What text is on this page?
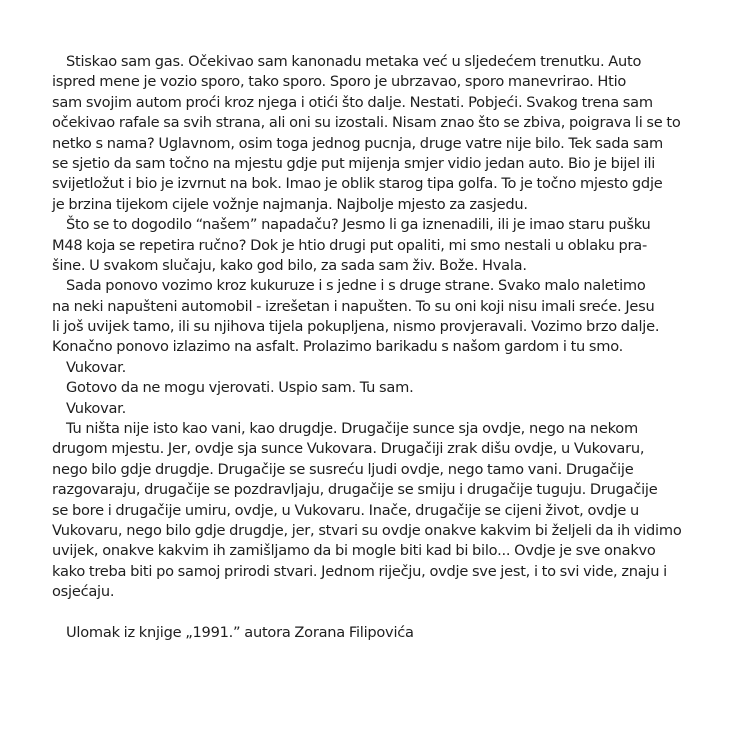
Stiskao sam gas. Očekivao sam kanonadu metaka već u sljedećem trenutku. Auto
ispred mene je vozio sporo, tako sporo. Sporo je ubrzavao, sporo manevrirao. Htio
sam svojim autom proći kroz njega i otići što dalje. Nestati. Pobjeći. Svakog trena sam
očekivao rafale sa svih strana, ali oni su izostali. Nisam znao što se zbiva, poigrava li se to
netko s nama? Uglavnom, osim toga jednog pucnja, druge vatre nije bilo. Tek sada sam
se sjetio da sam točno na mjestu gdje put mijenja smjer vidio jedan auto. Bio je bijel ili
svijetložut i bio je izvrnut na bok. Imao je oblik starog tipa golfa. To je točno mjesto gdje
je brzina tijekom cijele vožnje najmanja. Najbolje mjesto za zasjedu.
Što se to dogodilo “našem” napadaču? Jesmo li ga iznenadili, ili je imao staru pušku
M48 koja se repetira ručno? Dok je htio drugi put opaliti, mi smo nestali u oblaku pra-
šine. U svakom slučaju, kako god bilo, za sada sam živ. Bože. Hvala.
Sada ponovo vozimo kroz kukuruze i s jedne i s druge strane. Svako malo naletimo
na neki napušteni automobil - izrešetan i napušten. To su oni koji nisu imali sreće. Jesu
li još uvijek tamo, ili su njihova tijela pokupljena, nismo provjeravali. Vozimo brzo dalje.
Konačno ponovo izlazimo na asfalt. Prolazimo barikadu s našom gardom i tu smo.
Vukovar.
Gotovo da ne mogu vjerovati. Uspio sam. Tu sam.
Vukovar.
Tu ništa nije isto kao vani, kao drugdje. Drugačije sunce sja ovdje, nego na nekom
drugom mjestu. Jer, ovdje sja sunce Vukovara. Drugačiji zrak dišu ovdje, u Vukovaru,
nego bilo gdje drugdje. Drugačije se susreću ljudi ovdje, nego tamo vani. Drugačije
razgovaraju, drugačije se pozdravljaju, drugačije se smiju i drugačije tuguju. Drugačije
se bore i drugačije umiru, ovdje, u Vukovaru. Inače, drugačije se cijeni život, ovdje u
Vukovaru, nego bilo gdje drugdje, jer, stvari su ovdje onakve kakvim bi željeli da ih vidimo
uvijek, onakve kakvim ih zamišljamo da bi mogle biti kad bi bilo... Ovdje je sve onakvo
kako treba biti po samoj prirodi stvari. Jednom riječju, ovdje sve jest, i to svi vide, znaju i
osjećaju.
Ulomak iz knjige „1991.” autora Zorana Filipovića
